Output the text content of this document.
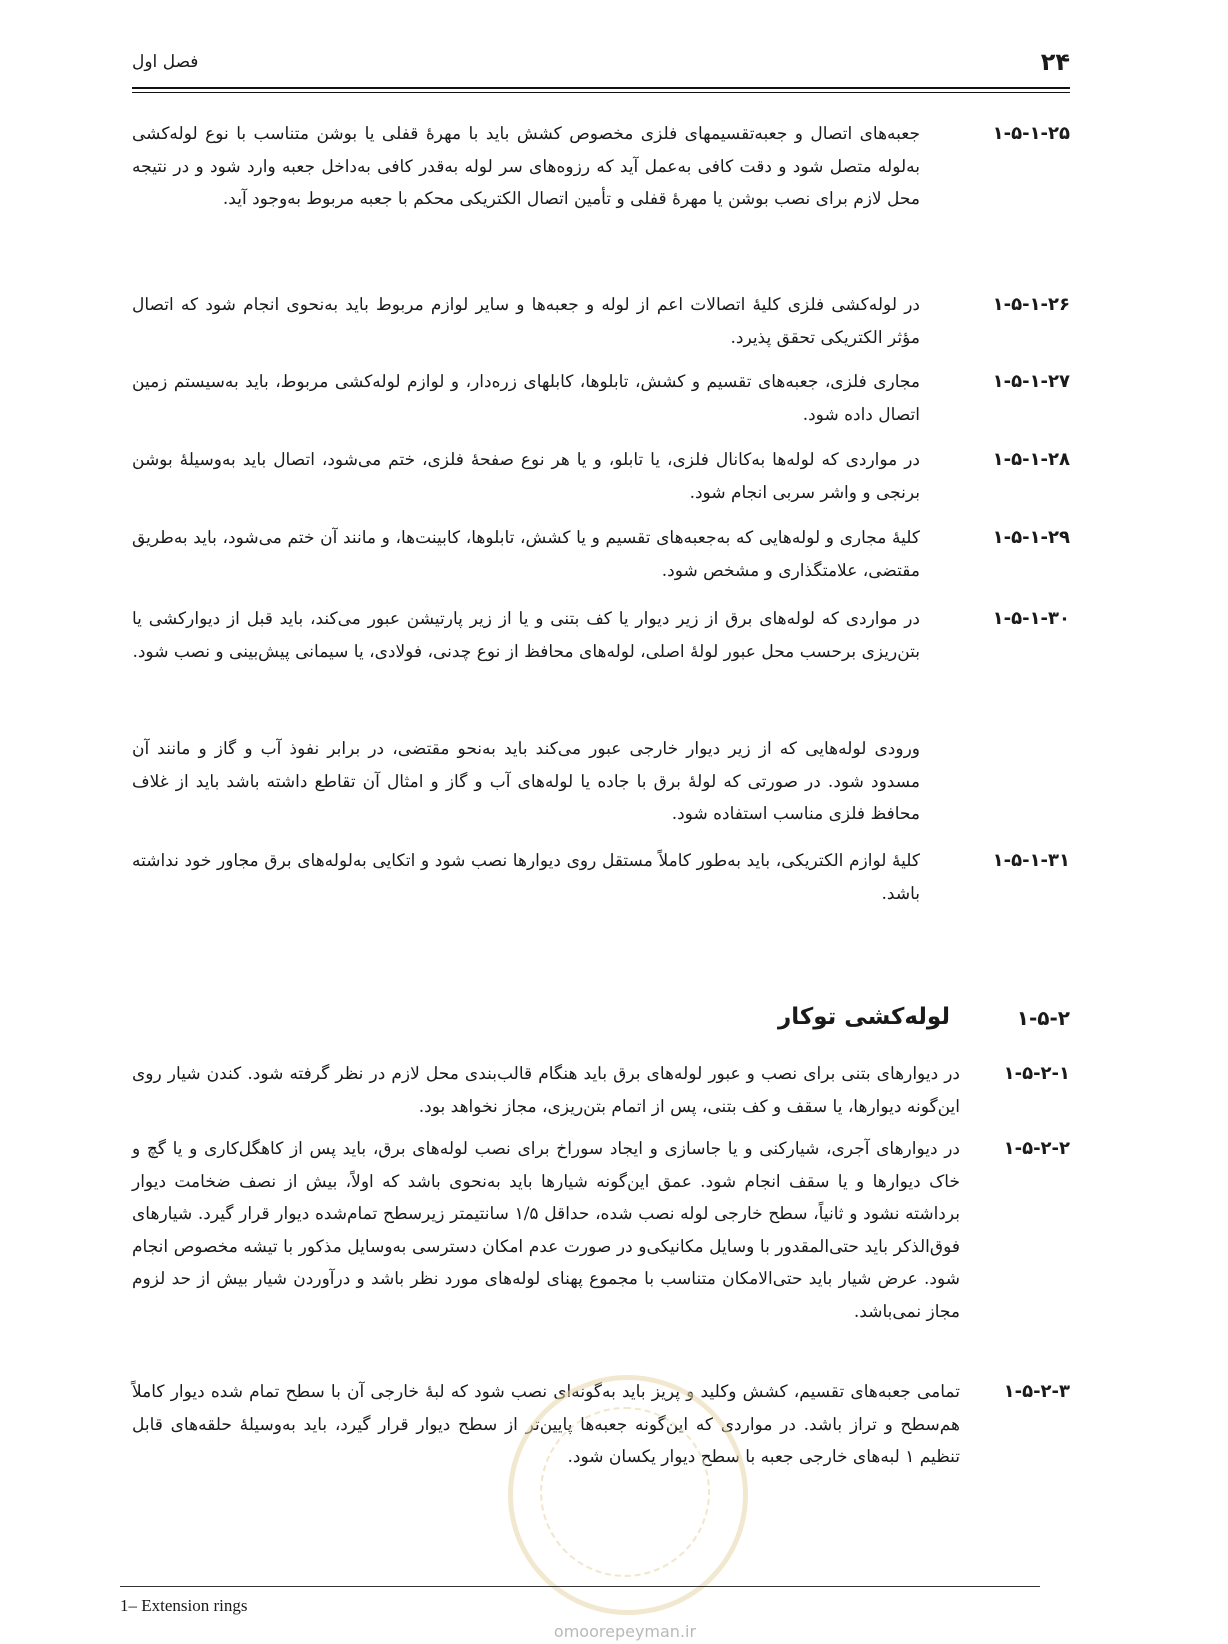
۲۴
فصل اول
۱-۵-۱-۲۵
جعبه‌های اتصال و جعبه‌تقسیمهای فلزی مخصوص کشش باید با مهرهٔ قفلی یا بوشن متناسب با نوع لوله‌کشی به‌لوله متصل شود و دقت کافی به‌عمل آید که رزوه‌های سر لوله به‌قدر کافی به‌داخل جعبه وارد شود و در نتیجه محل لازم برای نصب بوشن یا مهرهٔ قفلی و تأمین اتصال الکتریکی محکم با جعبه مربوط به‌وجود آید.
۱-۵-۱-۲۶
در لوله‌کشی فلزی کلیهٔ اتصالات اعم از لوله و جعبه‌ها و سایر لوازم مربوط باید به‌نحوی انجام شود که اتصال مؤثر الکتریکی تحقق پذیرد.
۱-۵-۱-۲۷
مجاری فلزی، جعبه‌های تقسیم و کشش، تابلوها، کابلهای زره‌دار، و لوازم لوله‌کشی مربوط، باید به‌سیستم زمین اتصال داده شود.
۱-۵-۱-۲۸
در مواردی که لوله‌ها به‌کانال فلزی، یا تابلو، و یا هر نوع صفحهٔ فلزی، ختم می‌شود، اتصال باید به‌وسیلهٔ بوشن برنجی و واشر سربی انجام شود.
۱-۵-۱-۲۹
کلیهٔ مجاری و لوله‌هایی که به‌جعبه‌های تقسیم و یا کشش، تابلوها، کابینت‌ها، و مانند آن ختم می‌شود، باید به‌طریق مقتضی، علامتگذاری و مشخص شود.
۱-۵-۱-۳۰
در مواردی که لوله‌های برق از زیر دیوار یا کف بتنی و یا از زیر پارتیشن عبور می‌کند، باید قبل از دیوارکشی یا بتن‌ریزی برحسب محل عبور لولهٔ اصلی، لوله‌های محافظ از نوع چدنی، فولادی، یا سیمانی پیش‌بینی و نصب شود.
ورودی لوله‌هایی که از زیر دیوار خارجی عبور می‌کند باید به‌نحو مقتضی، در برابر نفوذ آب و گاز و مانند آن مسدود شود. در صورتی که لولهٔ برق با جاده یا لوله‌های آب و گاز و امثال آن تقاطع داشته باشد باید از غلاف محافظ فلزی مناسب استفاده شود.
۱-۵-۱-۳۱
کلیهٔ لوازم الکتریکی، باید به‌طور کاملاً مستقل روی دیوارها نصب شود و اتکایی به‌لوله‌های برق مجاور خود نداشته باشد.
۱-۵-۲
لوله‌کشی توکار
۱-۵-۲-۱
در دیوارهای بتنی برای نصب و عبور لوله‌های برق باید هنگام قالب‌بندی محل لازم در نظر گرفته شود. کندن شیار روی این‌گونه دیوارها، یا سقف و کف بتنی، پس از اتمام بتن‌ریزی، مجاز نخواهد بود.
۱-۵-۲-۲
در دیوارهای آجری، شیارکنی و یا جاسازی و ایجاد سوراخ برای نصب لوله‌های برق، باید پس از کاهگل‌کاری و یا گچ و خاک دیوارها و یا سقف انجام شود. عمق این‌گونه شیارها باید به‌نحوی باشد که اولاً، بیش از نصف ضخامت دیوار برداشته نشود و ثانیاً، سطح خارجی لوله نصب شده، حداقل ۱/۵ سانتیمتر زیرسطح تمام‌شده دیوار قرار گیرد. شیارهای فوق‌الذکر باید حتی‌المقدور با وسایل مکانیکی‌و در صورت عدم امکان دسترسی به‌وسایل مذکور با تیشه مخصوص انجام شود. عرض شیار باید حتی‌الامکان متناسب با مجموع پهنای لوله‌های مورد نظر باشد و درآوردن شیار بیش از حد لزوم مجاز نمی‌باشد.
۱-۵-۲-۳
تمامی جعبه‌های تقسیم، کشش وکلید و پریز باید به‌گونه‌ای نصب شود که لبهٔ خارجی آن با سطح تمام شده دیوار کاملاً هم‌سطح و تراز باشد. در مواردی که این‌گونه جعبه‌ها پایین‌تر از سطح دیوار قرار گیرد، باید به‌وسیلهٔ حلقه‌های قابل تنظیم ۱ لبه‌های خارجی جعبه با سطح دیوار یکسان شود.
1– Extension rings
omoorepeyman.ir
